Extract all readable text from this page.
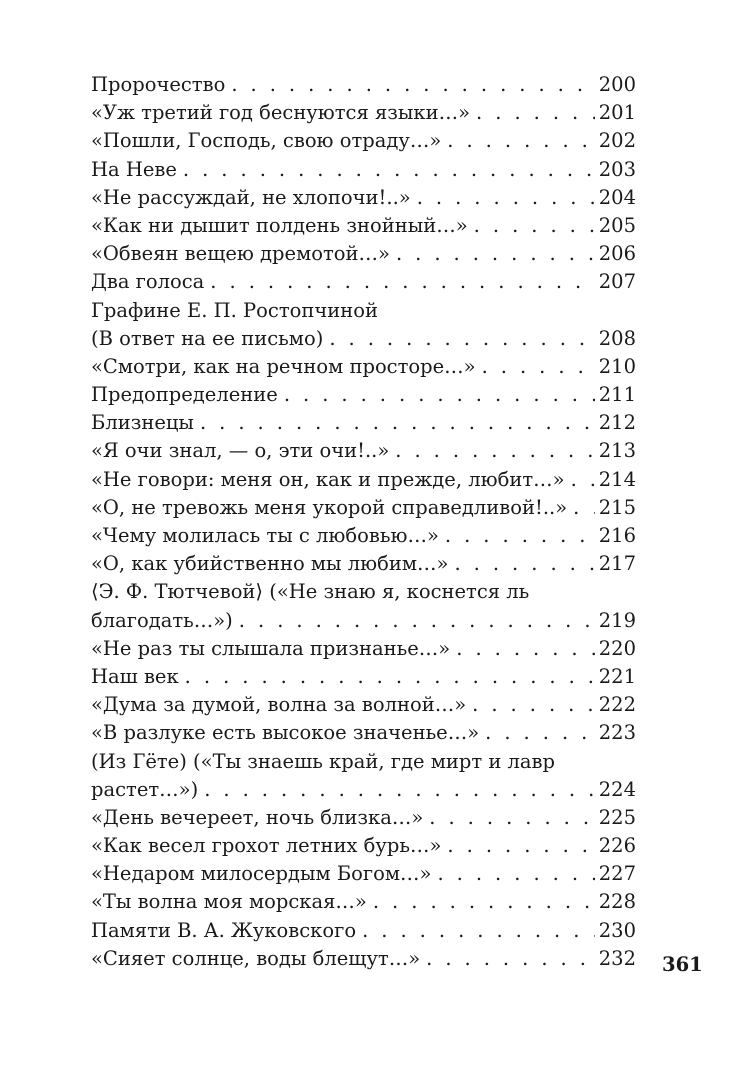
Пророчество . . .	200
«Уж третий год беснуются языки…» . . .	201
«Пошли, Господь, свою отраду…» . . .	202
На Неве . . .	203
«Не рассуждай, не хлопочи!..» . . .	204
«Как ни дышит полдень знойный…» . . .	205
«Обвеян вещею дремотой…» . . .	206
Два голоса . . .	207
Графине Е. П. Ростопчиной
(В ответ на ее письмо) . . .	208
«Смотри, как на речном просторе…» . . .	210
Предопределение . . .	211
Близнецы . . .	212
«Я очи знал, — о, эти очи!..» . . .	213
«Не говори: меня он, как и прежде, любит…» . . . 214
«О, не тревожь меня укорой справедливой!..» . . . 215
«Чему молилась ты с любовью…» . . .	216
«О, как убийственно мы любим…» . . .	217
⟨Э. Ф. Тютчевой⟩ («Не знаю я, коснется ль
благодать…») . . .	219
«Не раз ты слышала признанье…» . . .	220
Наш век . . .	221
«Дума за думой, волна за волной…» . . .	222
«В разлуке есть высокое значенье…» . . .	223
(Из Гёте) («Ты знаешь край, где мирт и лавр
растет…») . . .	224
«День вечереет, ночь близка…» . . .	225
«Как весел грохот летних бурь…» . . .	226
«Недаром милосердым Богом…» . . .	227
«Ты волна моя морская…» . . .	228
Памяти В. А. Жуковского . . .	230
«Сияет солнце, воды блещут…» . . .	232 361
